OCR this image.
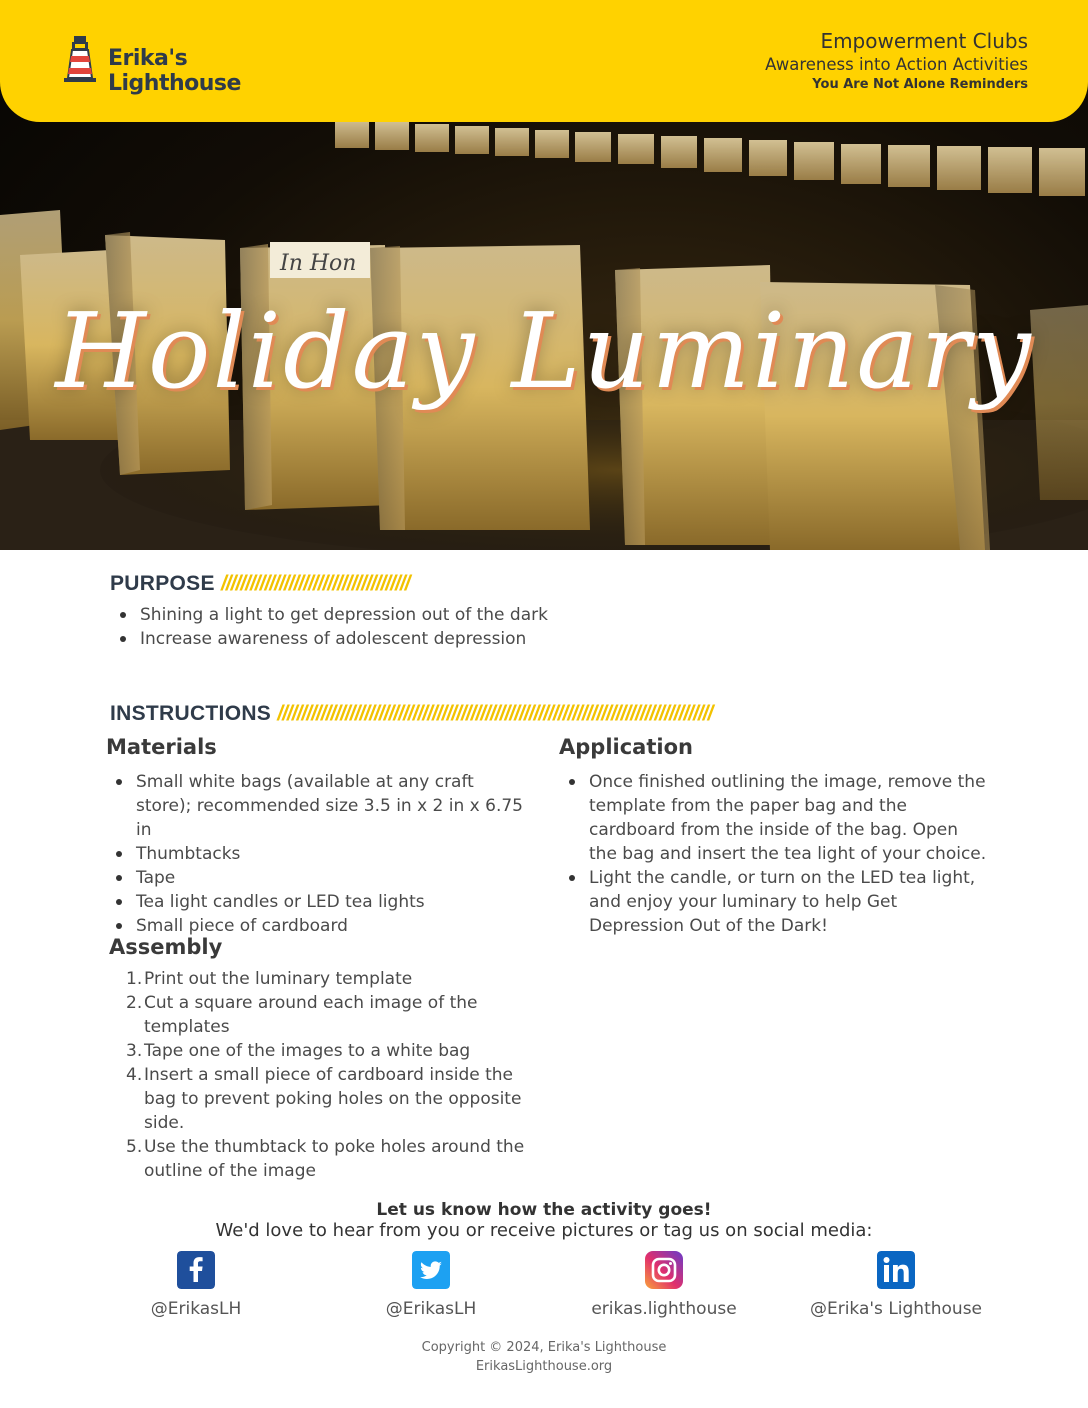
In Hon
Holiday Luminary
Erika's Lighthouse
Empowerment Clubs
Awareness into Action Activities
You Are Not Alone Reminders
PURPOSE ///////////////////////////////////////
Shining a light to get depression out of the dark
Increase awareness of adolescent depression
INSTRUCTIONS //////////////////////////////////////////////////////////////////////////////////////////
Materials
Small white bags (available at any craft store); recommended size 3.5 in x 2 in x 6.75 in
Thumbtacks
Tape
Tea light candles or LED tea lights
Small piece of cardboard
Assembly
1. Print out the luminary template
2. Cut a square around each image of the templates
3. Tape one of the images to a white bag
4. Insert a small piece of cardboard inside the bag to prevent poking holes on the opposite side.
5. Use the thumbtack to poke holes around the outline of the image
Application
Once finished outlining the image, remove the template from the paper bag and the cardboard from the inside of the bag. Open the bag and insert the tea light of your choice.
Light the candle, or turn on the LED tea light, and enjoy your luminary to help Get Depression Out of the Dark!
Let us know how the activity goes!
We'd love to hear from you or receive pictures or tag us on social media:
@ErikasLH	@ErikasLH	erikas.lighthouse	@Erika's Lighthouse
Copyright © 2024, Erika's Lighthouse
ErikasLighthouse.org
